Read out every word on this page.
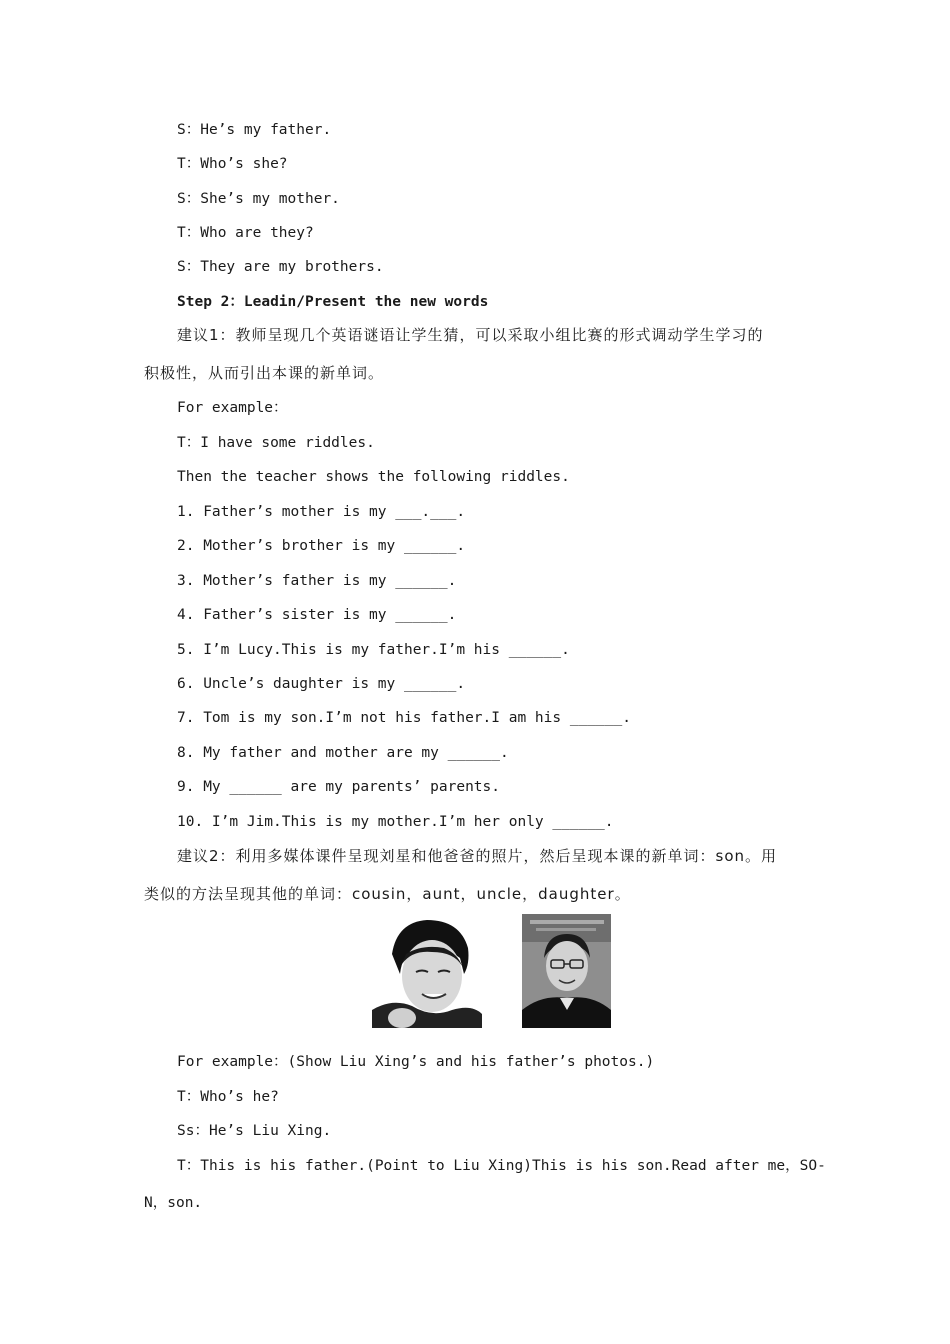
S：He’s my father.
T：Who’s she?
S：She’s my mother.
T：Who are they?
S：They are my brothers.
Step 2：Leadin/Present the new words
建议1：教师呈现几个英语谜语让学生猜，可以采取小组比赛的形式调动学生学习的
积极性，从而引出本课的新单词。
For example：
T：I have some riddles.
Then the teacher shows the following riddles.
1. Father’s mother is my ___.___.
2. Mother’s brother is my ______.
3. Mother’s father is my ______.
4. Father’s sister is my ______.
5. I’m Lucy.This is my father.I’m his ______.
6. Uncle’s daughter is my ______.
7. Tom is my son.I’m not his father.I am his ______.
8. My father and mother are my ______.
9. My ______ are my parents’ parents.
10. I’m Jim.This is my mother.I’m her only ______.
建议2：利用多媒体课件呈现刘星和他爸爸的照片，然后呈现本课的新单词：son。用
类似的方法呈现其他的单词：cousin，aunt，uncle，daughter。
For example：(Show Liu Xing’s and his father’s photos.)
T：Who’s he?
Ss：He’s Liu Xing.
T：This is his father.(Point to Liu Xing)This is his son.Read after me，SO-
N，son.
